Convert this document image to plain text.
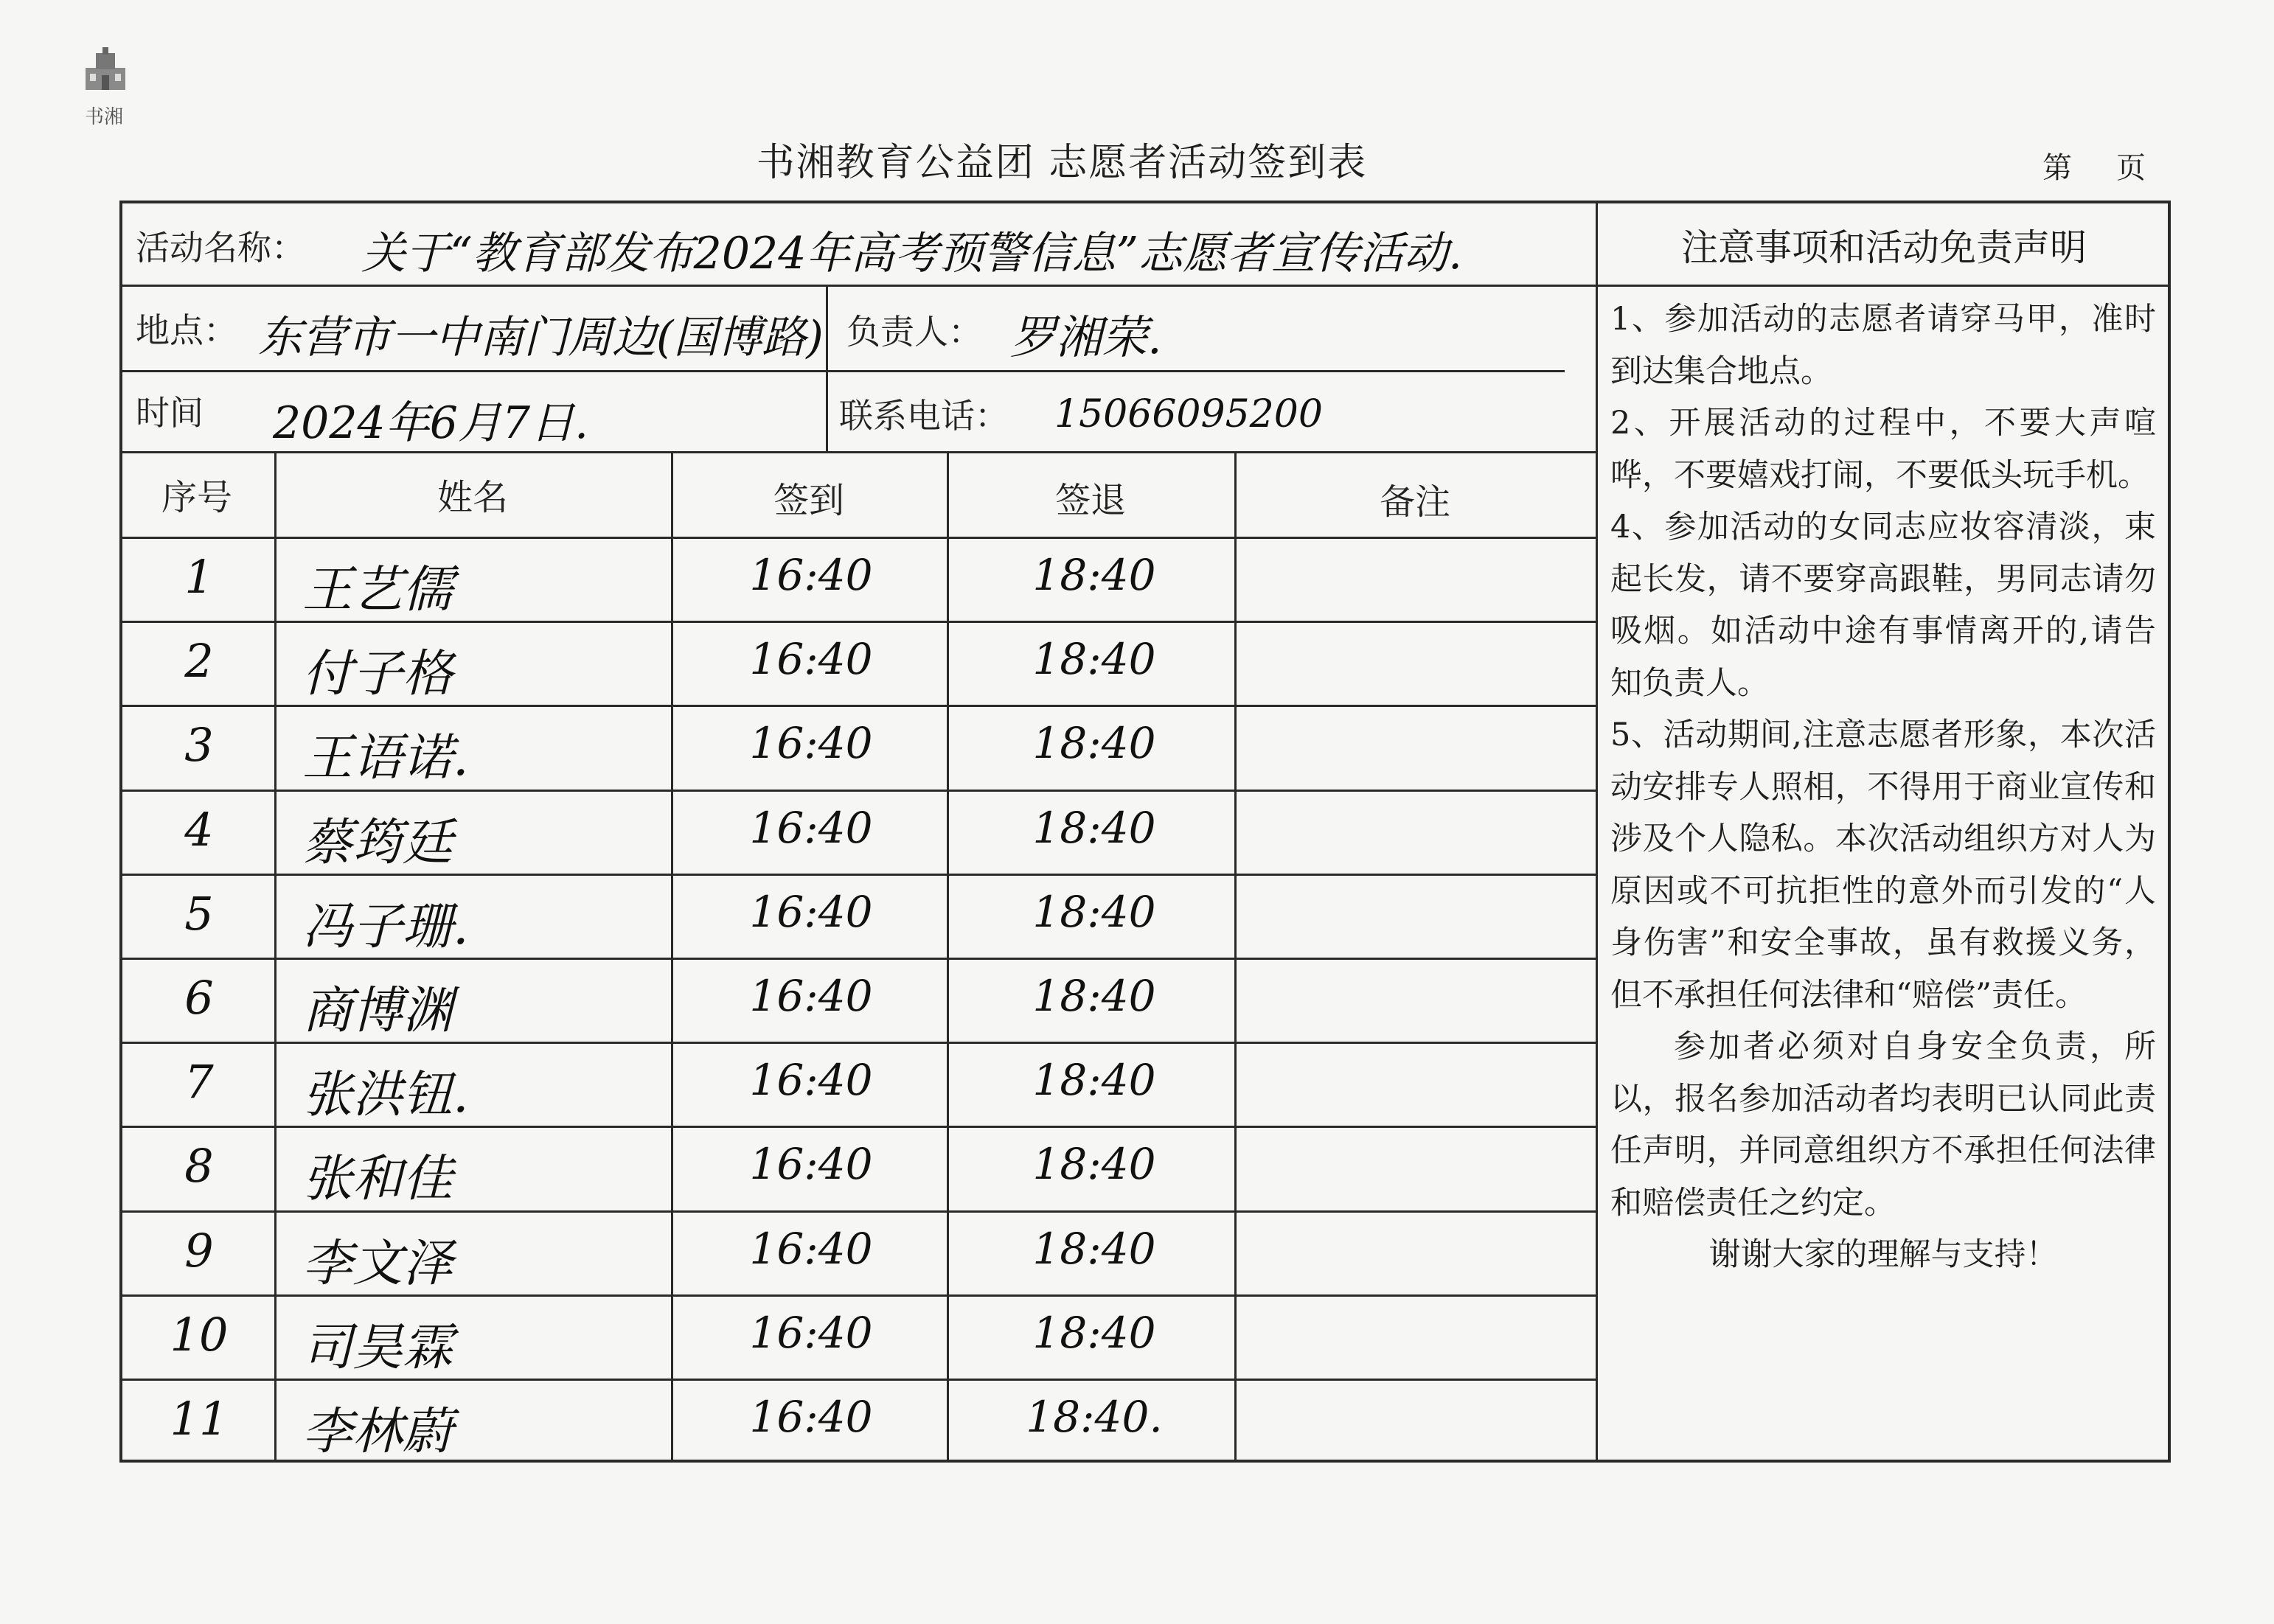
书湘
书湘教育公益团 志愿者活动签到表	第 页
活动名称： 关于“教育部发布2024年高考预警信息”志愿者宣传活动.
地点： 东营市一中南门周边(国博路) 负责人： 罗湘荣.
时间 2024年6月7日.	联系电话： 15066095200
序号	姓名	签到	签退	备注
1	王艺儒	16:40	18:40
2	付子格	16:40	18:40
3	王语诺.	16:40	18:40
4	蔡筠廷	16:40	18:40
5	冯子珊.	16:40	18:40
6	商博渊	16:40	18:40
7	张洪钮.	16:40	18:40
8	张和佳	16:40	18:40
9	李文泽	16:40	18:40
10	司昊霖	16:40	18:40
11	李林蔚	16:40	18:40.
注意事项和活动免责声明

1、参加活动的志愿者请穿马甲，准时到达集合地点。

2、开展活动的过程中，不要大声喧哗，不要嬉戏打闹，不要低头玩手机。

4、参加活动的女同志应妆容清淡，束起长发，请不要穿高跟鞋，男同志请勿吸烟。如活动中途有事情离开的,请告知负责人。

5、活动期间,注意志愿者形象，本次活动安排专人照相，不得用于商业宣传和涉及个人隐私。本次活动组织方对人为原因或不可抗拒性的意外而引发的“人身伤害”和安全事故，虽有救援义务，但不承担任何法律和“赔偿”责任。

参加者必须对自身安全负责，所以，报名参加活动者均表明已认同此责任声明，并同意组织方不承担任何法律和赔偿责任之约定。

谢谢大家的理解与支持！
